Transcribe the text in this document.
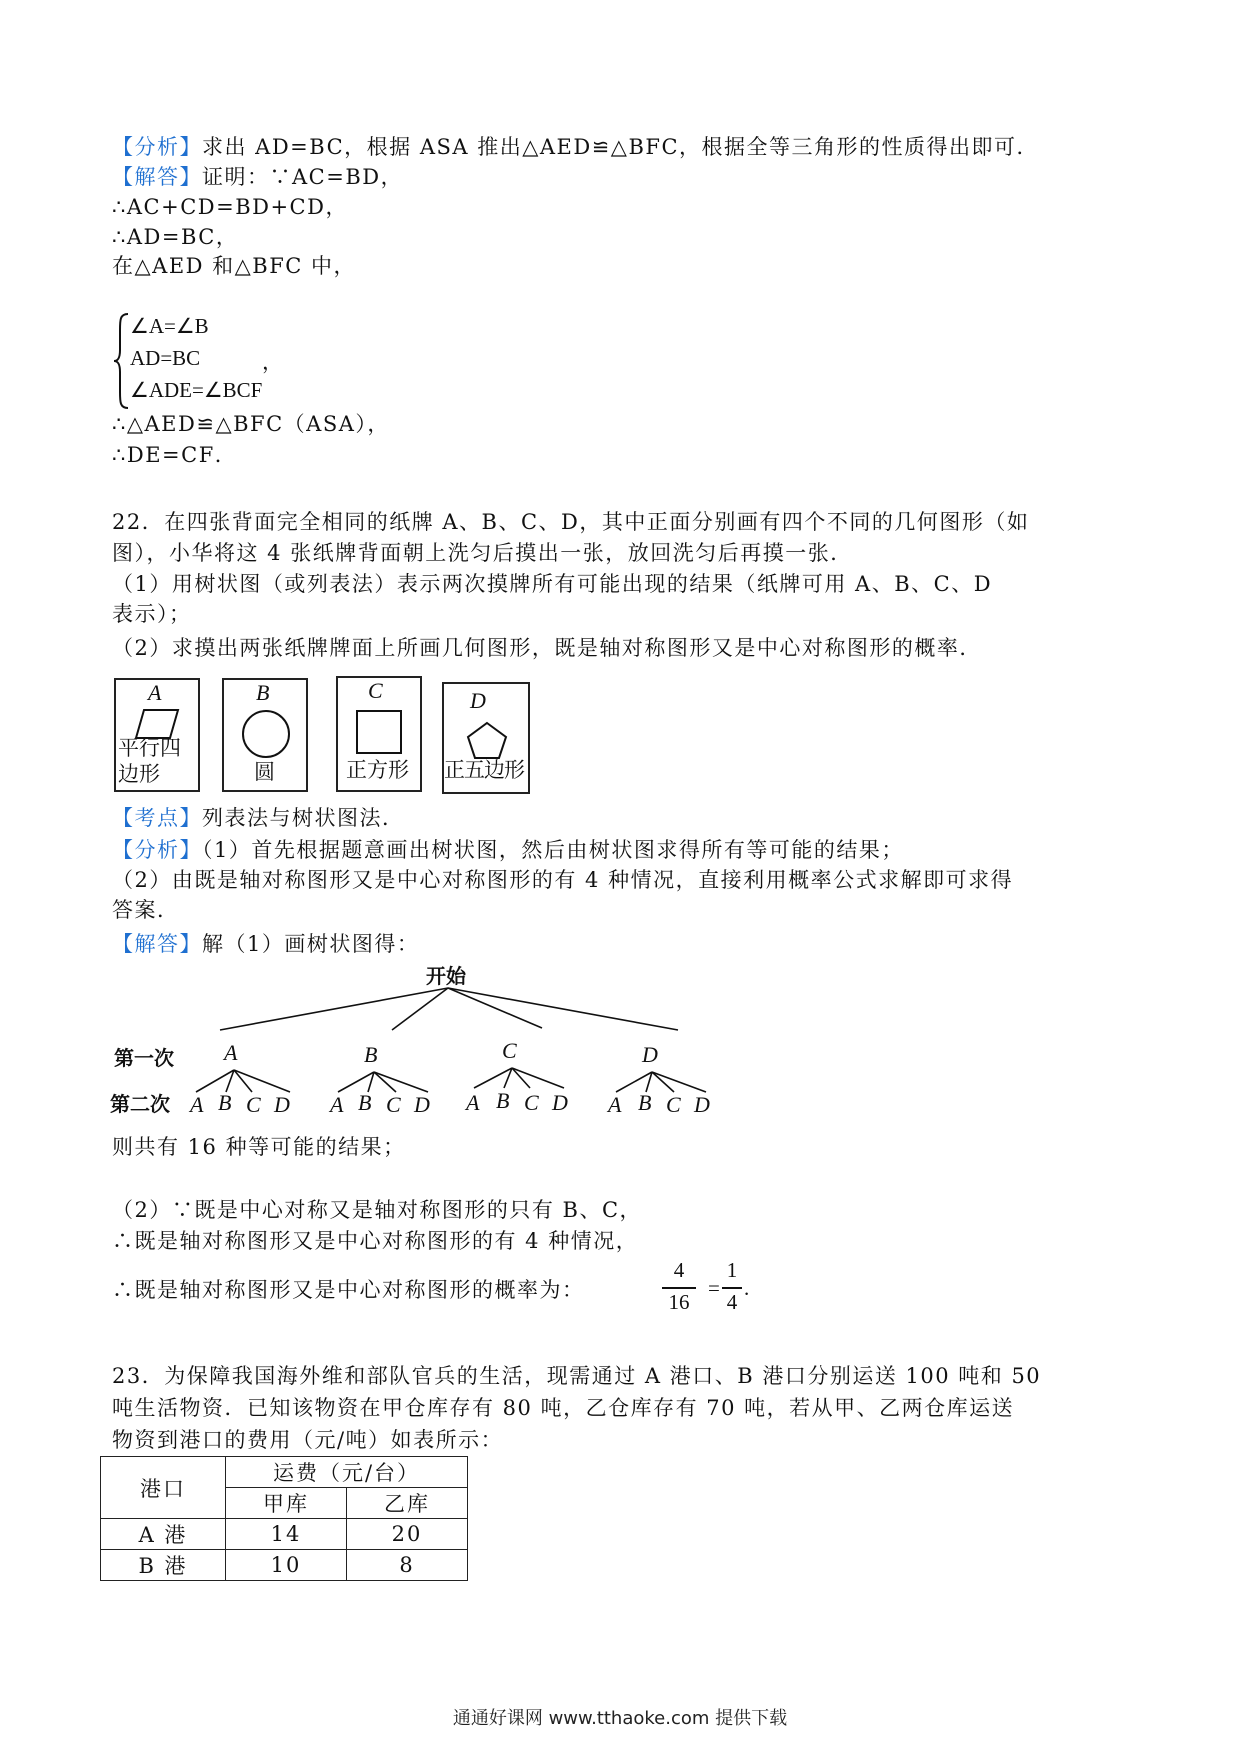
【分析】求出 AD=BC，根据 ASA 推出△AED≌△BFC，根据全等三角形的性质得出即可．
【解答】证明：∵AC=BD，
∴AC+CD=BD+CD，
∴AD=BC，
在△AED 和△BFC 中，
∠A=∠B
AD=BC
∠ADE=∠BCF
，
∴△AED≌△BFC（ASA），
∴DE=CF．
22．在四张背面完全相同的纸牌 A、B、C、D，其中正面分别画有四个不同的几何图形（如
图），小华将这 4 张纸牌背面朝上洗匀后摸出一张，放回洗匀后再摸一张．
（1）用树状图（或列表法）表示两次摸牌所有可能出现的结果（纸牌可用 A、B、C、D
表示）；
（2）求摸出两张纸牌牌面上所画几何图形，既是轴对称图形又是中心对称图形的概率．
A
平行四
边形
B
圆
C
正方形
D
正五边形
【考点】列表法与树状图法．
【分析】（1）首先根据题意画出树状图，然后由树状图求得所有等可能的结果；
（2）由既是轴对称图形又是中心对称图形的有 4 种情况，直接利用概率公式求解即可求得
答案．
【解答】解（1）画树状图得：
开始
第一次
第二次
A	B	C	D
A B C D A B C D A B C D A B C D
则共有 16 种等可能的结果；
（2）∵既是中心对称又是轴对称图形的只有 B、C，
∴既是轴对称图形又是中心对称图形的有 4 种情况，
∴既是轴对称图形又是中心对称图形的概率为：
4
16
=
1
4
.
23．为保障我国海外维和部队官兵的生活，现需通过 A 港口、B 港口分别运送 100 吨和 50
吨生活物资．已知该物资在甲仓库存有 80 吨，乙仓库存有 70 吨，若从甲、乙两仓库运送
物资到港口的费用（元/吨）如表所示：
港口	运费（元/台）	
	甲库	乙库
A 港	14	20
B 港	10	8
通通好课网 www.tthaoke.com 提供下载
